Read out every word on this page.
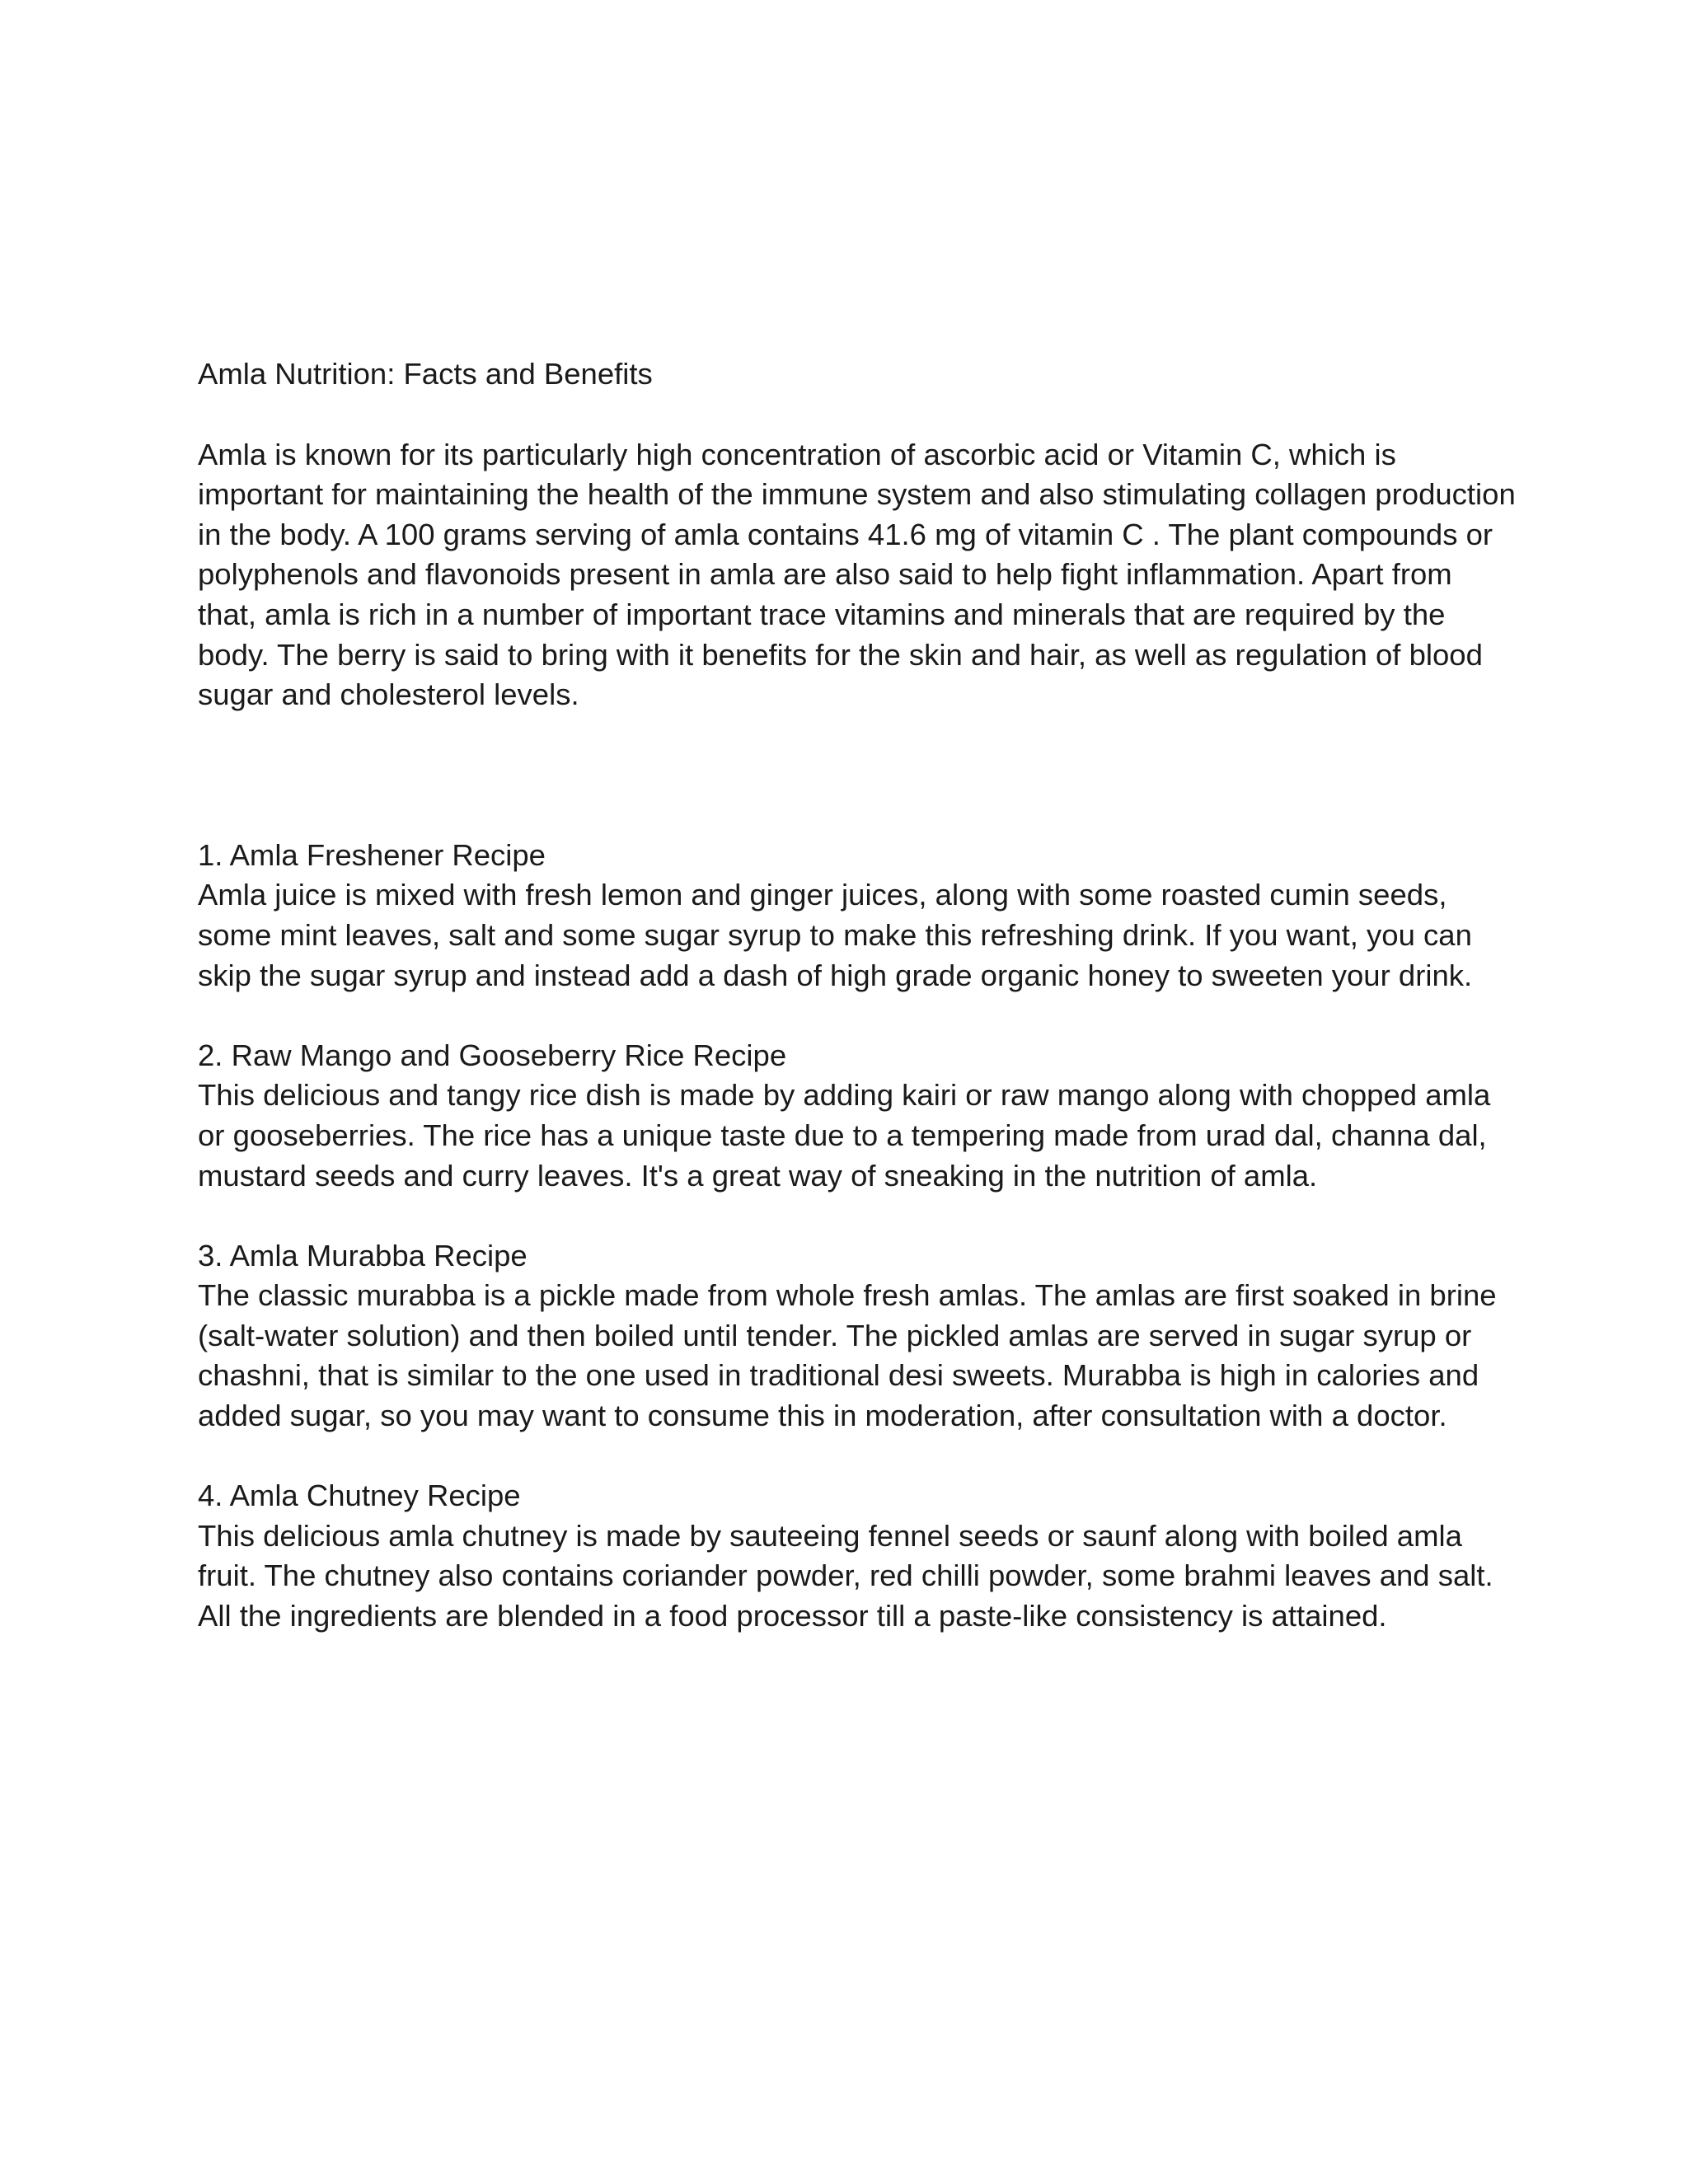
Amla Nutrition: Facts and Benefits

Amla is known for its particularly high concentration of ascorbic acid or Vitamin C, which is important for maintaining the health of the immune system and also stimulating collagen production in the body. A 100 grams serving of amla contains 41.6 mg of vitamin C . The plant compounds or polyphenols and flavonoids present in amla are also said to help fight inflammation. Apart from that, amla is rich in a number of important trace vitamins and minerals that are required by the body. The berry is said to bring with it benefits for the skin and hair, as well as regulation of blood sugar and cholesterol levels.

1. Amla Freshener Recipe

Amla juice is mixed with fresh lemon and ginger juices, along with some roasted cumin seeds, some mint leaves, salt and some sugar syrup to make this refreshing drink. If you want, you can skip the sugar syrup and instead add a dash of high grade organic honey to sweeten your drink.

2. Raw Mango and Gooseberry Rice Recipe

This delicious and tangy rice dish is made by adding kairi or raw mango along with chopped amla or gooseberries. The rice has a unique taste due to a tempering made from urad dal, channa dal, mustard seeds and curry leaves. It's a great way of sneaking in the nutrition of amla.

3. Amla Murabba Recipe

The classic murabba is a pickle made from whole fresh amlas. The amlas are first soaked in brine (salt-water solution) and then boiled until tender. The pickled amlas are served in sugar syrup or chashni, that is similar to the one used in traditional desi sweets. Murabba is high in calories and added sugar, so you may want to consume this in moderation, after consultation with a doctor.

4. Amla Chutney Recipe

This delicious amla chutney is made by sauteeing fennel seeds or saunf along with boiled amla fruit. The chutney also contains coriander powder, red chilli powder, some brahmi leaves and salt. All the ingredients are blended in a food processor till a paste-like consistency is attained.
